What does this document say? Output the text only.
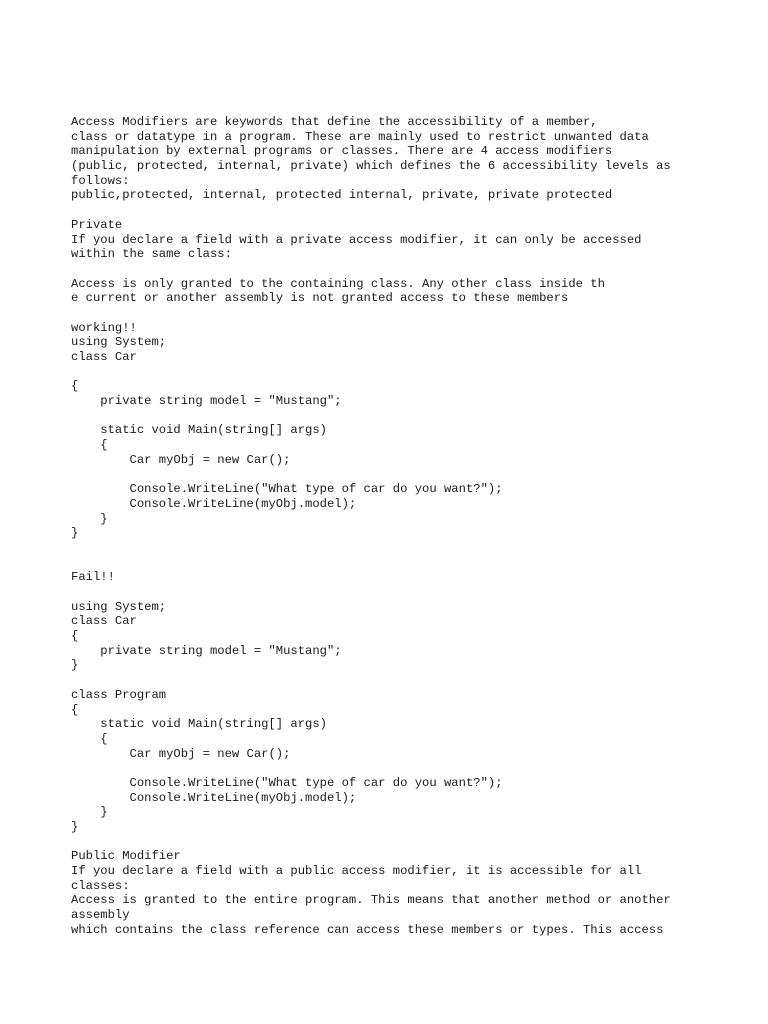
Access Modifiers are keywords that define the accessibility of a member,
class or datatype in a program. These are mainly used to restrict unwanted data
manipulation by external programs or classes. There are 4 access modifiers
(public, protected, internal, private) which defines the 6 accessibility levels as
follows:
public,protected, internal, protected internal, private, private protected
Private
If you declare a field with a private access modifier, it can only be accessed
within the same class:
Access is only granted to the containing class. Any other class inside th
e current or another assembly is not granted access to these members
working!!
using System;
class Car
{
private string model = "Mustang";
static void Main(string[] args)
{
Car myObj = new Car();
Console.WriteLine("What type of car do you want?");
Console.WriteLine(myObj.model);
}
}
Fail!!
using System;
class Car
{
private string model = "Mustang";
}
class Program
{
static void Main(string[] args)
{
Car myObj = new Car();
Console.WriteLine("What type of car do you want?");
Console.WriteLine(myObj.model);
}
}
Public Modifier
If you declare a field with a public access modifier, it is accessible for all
classes:
Access is granted to the entire program. This means that another method or another
assembly
which contains the class reference can access these members or types. This access
